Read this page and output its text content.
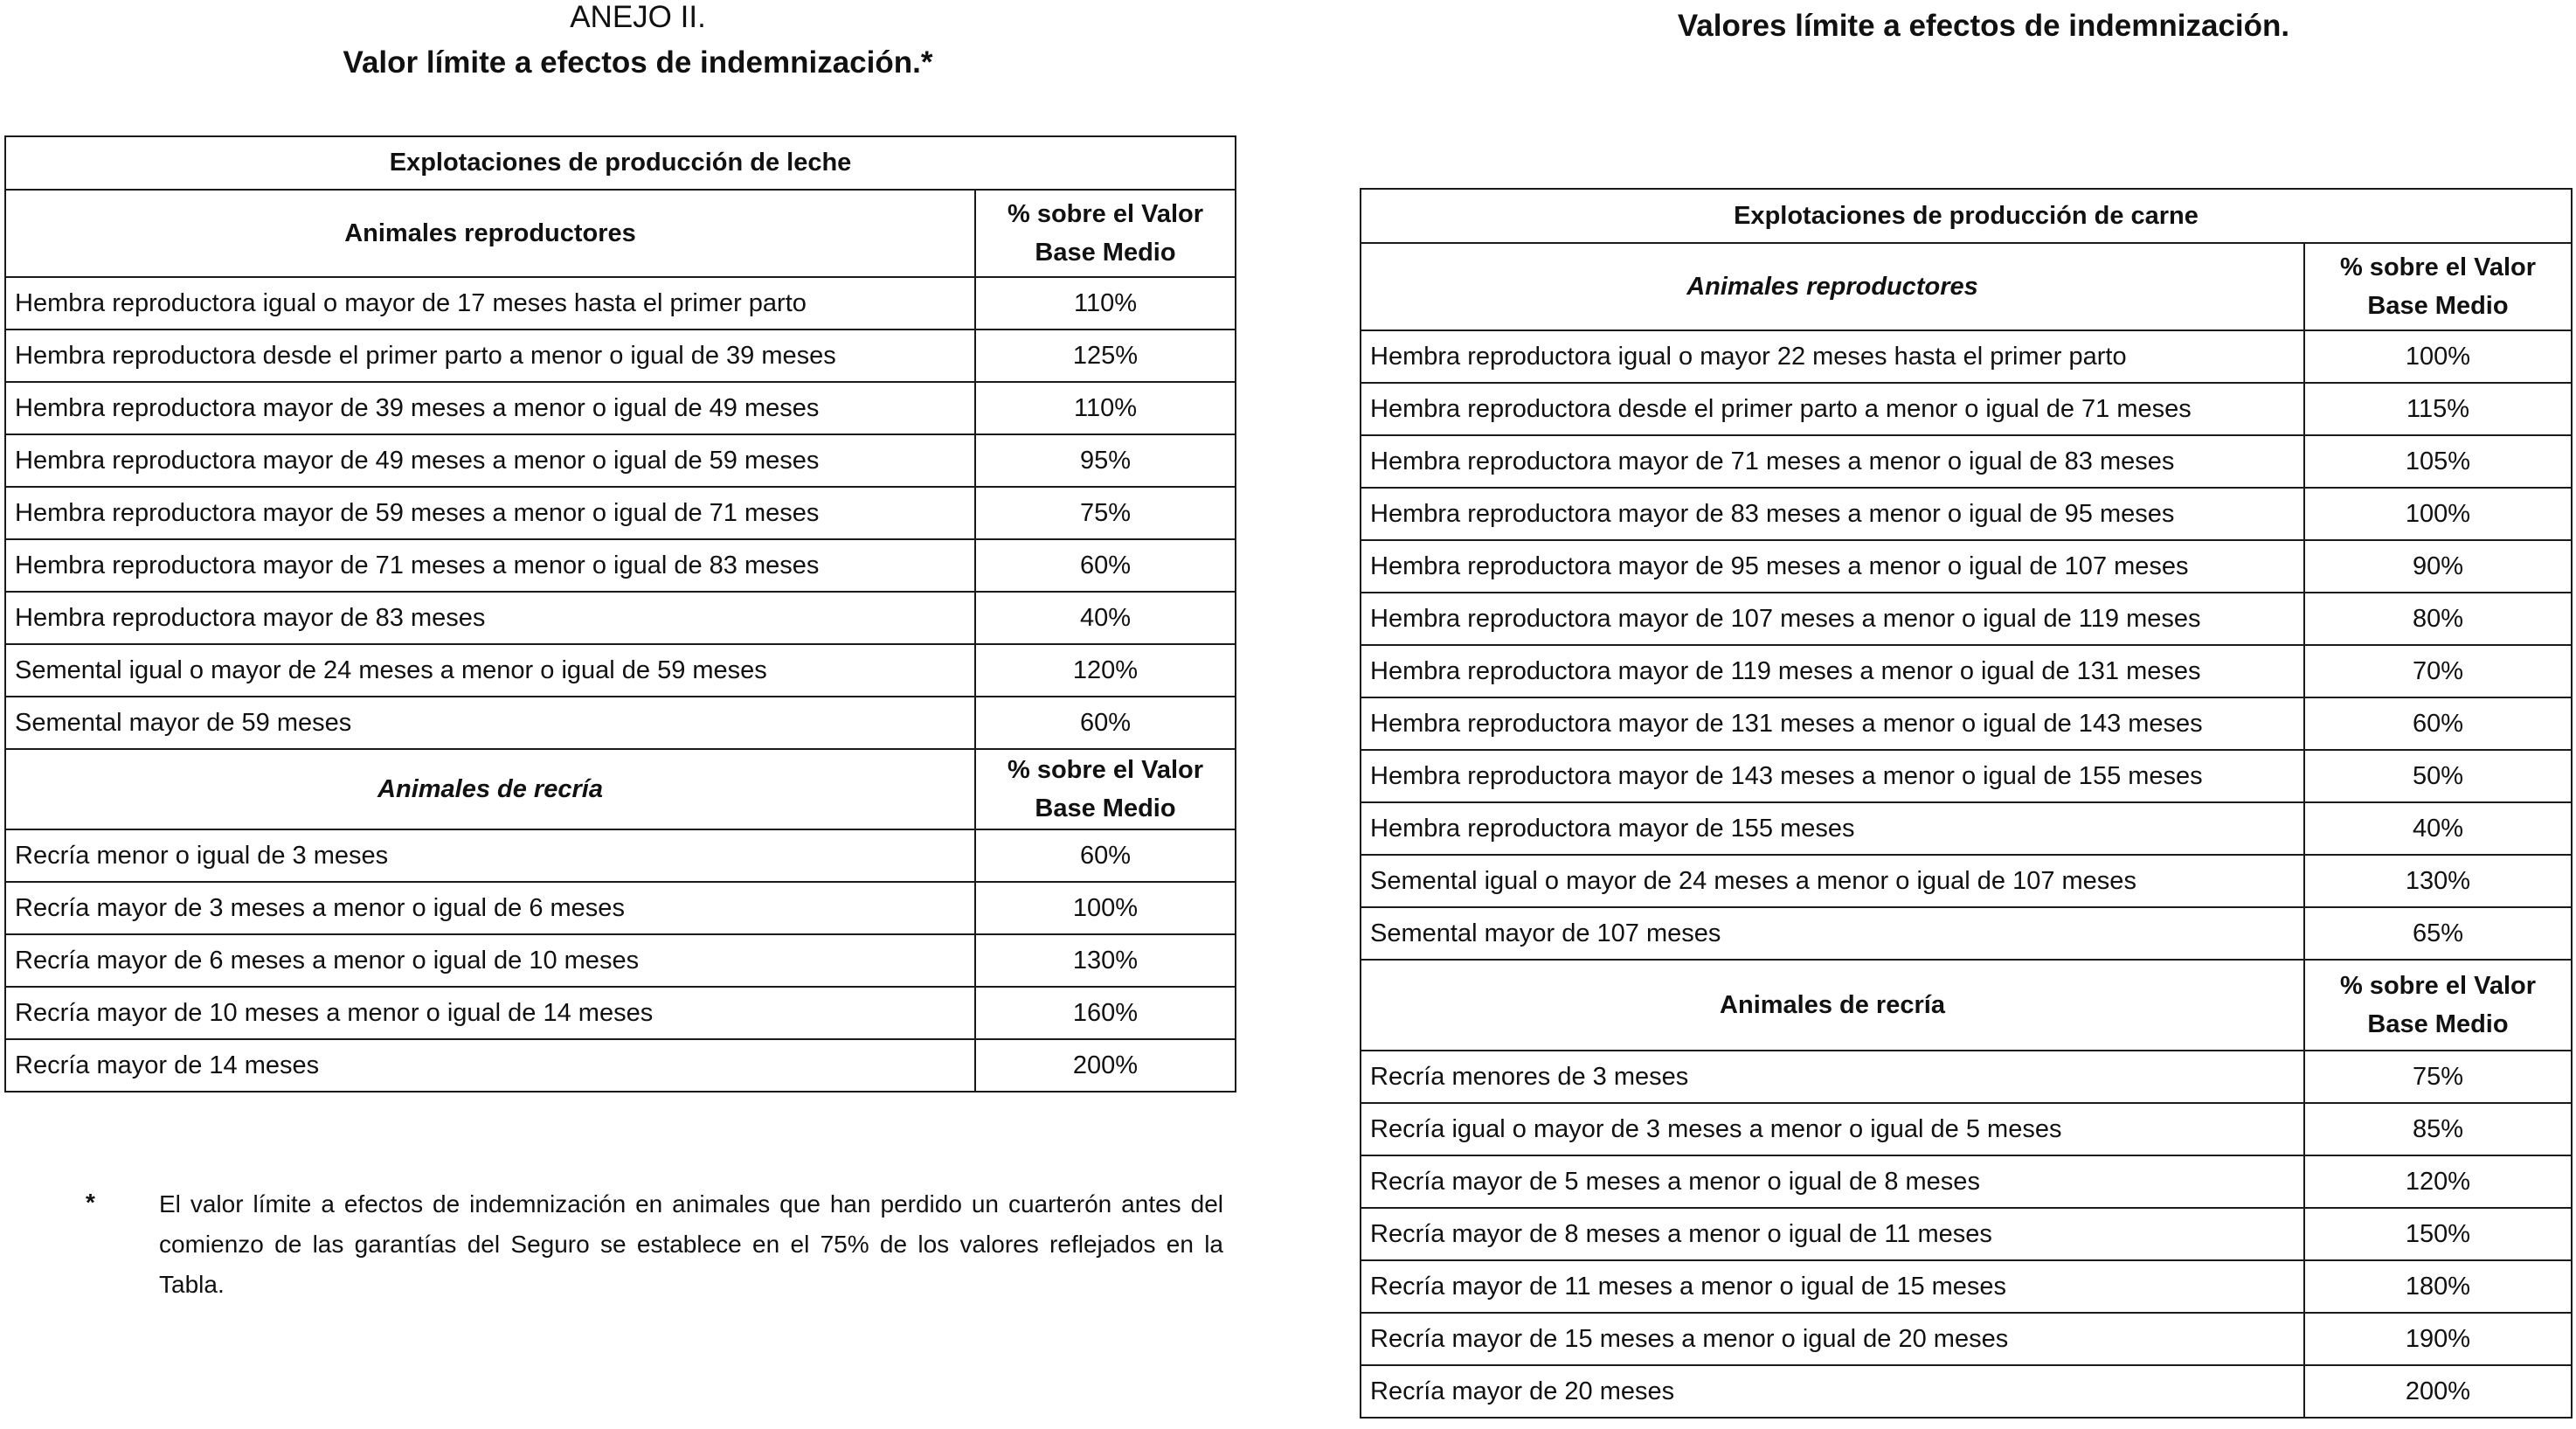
ANEJO II.
Valor límite a efectos de indemnización.*
Valores límite a efectos de indemnización.
Explotaciones de producción de leche	
Animales reproductores	% sobre el Valor Base Medio
Hembra reproductora igual o mayor de 17 meses hasta el primer parto	110%
Hembra reproductora desde el primer parto a menor o igual de 39 meses	125%
Hembra reproductora mayor de 39 meses a menor o igual de 49 meses	110%
Hembra reproductora mayor de 49 meses a menor o igual de 59 meses	95%
Hembra reproductora mayor de 59 meses a menor o igual de 71 meses	75%
Hembra reproductora mayor de 71 meses a menor o igual de 83 meses	60%
Hembra reproductora mayor de 83 meses	40%
Semental igual o mayor de 24 meses a menor o igual de 59 meses	120%
Semental mayor de 59 meses	60%
Animales de recría	% sobre el Valor Base Medio
Recría menor o igual de 3 meses	60%
Recría mayor de 3 meses a menor o igual de 6 meses	100%
Recría mayor de 6 meses a menor o igual de 10 meses	130%
Recría mayor de 10 meses a menor o igual de 14 meses	160%
Recría mayor de 14 meses	200%
*	El valor límite a efectos de indemnización en animales que han perdido un cuarterón antes del comienzo de las garantías del Seguro se establece en el 75% de los valores reflejados en la Tabla.
Explotaciones de producción de carne	
Animales reproductores	% sobre el Valor Base Medio
Hembra reproductora igual o mayor 22 meses hasta el primer parto	100%
Hembra reproductora desde el primer parto a menor o igual de 71 meses	115%
Hembra reproductora mayor de 71 meses a menor o igual de 83 meses	105%
Hembra reproductora mayor de 83 meses a menor o igual de 95 meses	100%
Hembra reproductora mayor de 95 meses a menor o igual de 107 meses	90%
Hembra reproductora mayor de 107 meses a menor o igual de 119 meses	80%
Hembra reproductora mayor de 119 meses a menor o igual de 131 meses	70%
Hembra reproductora mayor de 131 meses a menor o igual de 143 meses	60%
Hembra reproductora mayor de 143 meses a menor o igual de 155 meses	50%
Hembra reproductora mayor de 155 meses	40%
Semental igual o mayor de 24 meses a menor o igual de 107 meses	130%
Semental mayor de 107 meses	65%
Animales de recría	% sobre el Valor Base Medio
Recría menores de 3 meses	75%
Recría igual o mayor de 3 meses a menor o igual de 5 meses	85%
Recría mayor de 5 meses a menor o igual de 8 meses	120%
Recría mayor de 8 meses a menor o igual de 11 meses	150%
Recría mayor de 11 meses a menor o igual de 15 meses	180%
Recría mayor de 15 meses a menor o igual de 20 meses	190%
Recría mayor de 20 meses	200%
